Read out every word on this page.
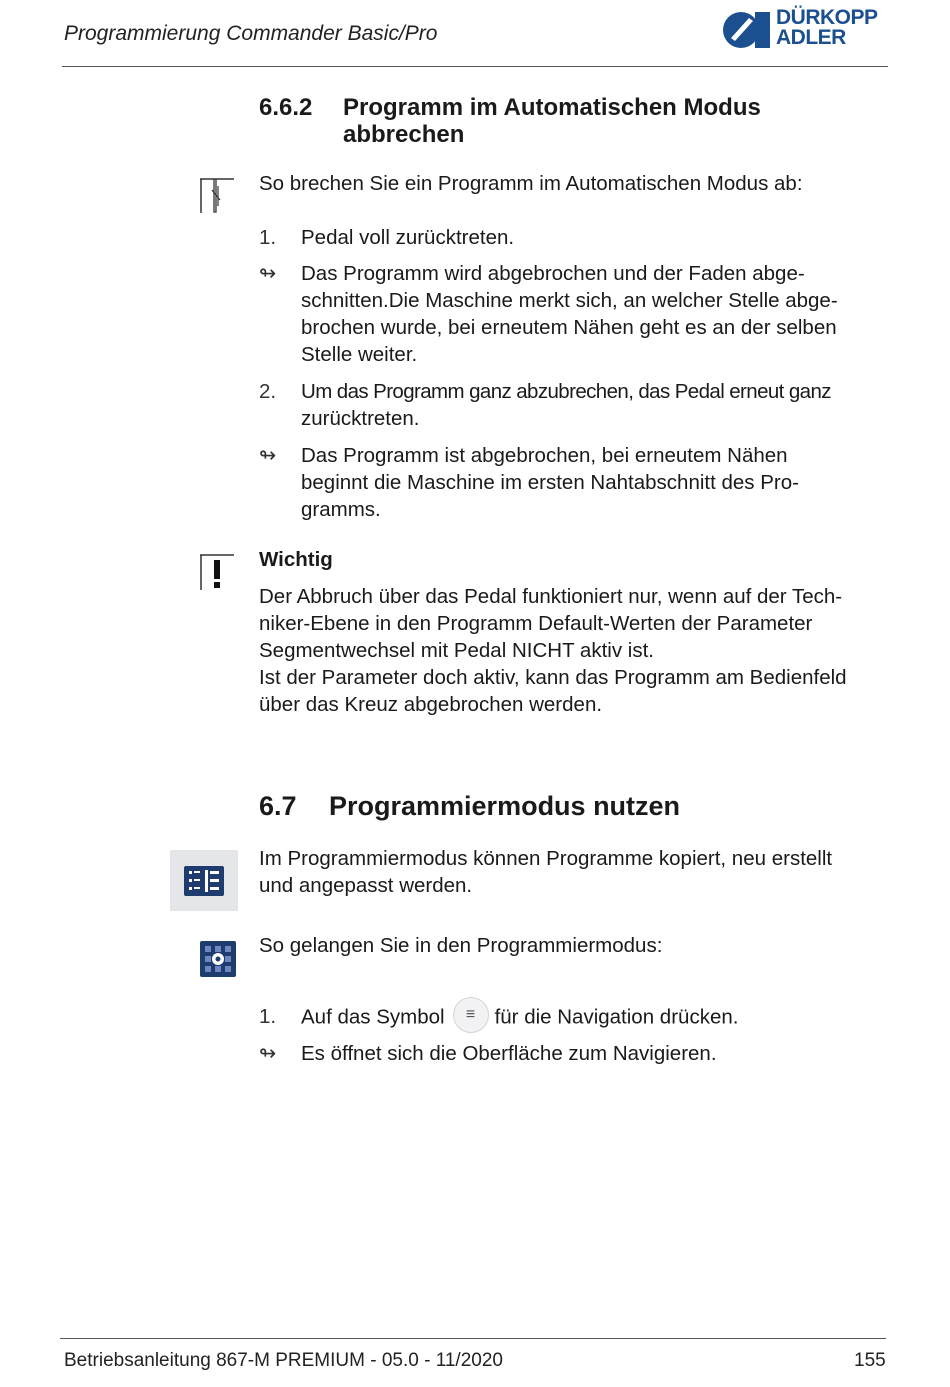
Programmierung Commander Basic/Pro
DÜRKOPP
ADLER
6.6.2 Programm im Automatischen Modus
abbrechen
So brechen Sie ein Programm im Automatischen Modus ab:
1. Pedal voll zurücktreten.
↬ Das Programm wird abgebrochen und der Faden abge-
schnitten.Die Maschine merkt sich, an welcher Stelle abge-
brochen wurde, bei erneutem Nähen geht es an der selben
Stelle weiter.
2. Um das Programm ganz abzubrechen, das Pedal erneut ganz
zurücktreten.
↬ Das Programm ist abgebrochen, bei erneutem Nähen
beginnt die Maschine im ersten Nahtabschnitt des Pro-
gramms.
Wichtig
Der Abbruch über das Pedal funktioniert nur, wenn auf der Tech-
niker-Ebene in den Programm Default-Werten der Parameter
Segmentwechsel mit Pedal NICHT aktiv ist.
Ist der Parameter doch aktiv, kann das Programm am Bedienfeld
über das Kreuz abgebrochen werden.
6.7 Programmiermodus nutzen
Im Programmiermodus können Programme kopiert, neu erstellt
und angepasst werden.
So gelangen Sie in den Programmiermodus:
1. Auf das Symbol ≡ für die Navigation drücken.
↬ Es öffnet sich die Oberfläche zum Navigieren.
Betriebsanleitung 867-M PREMIUM - 05.0 - 11/2020	155
